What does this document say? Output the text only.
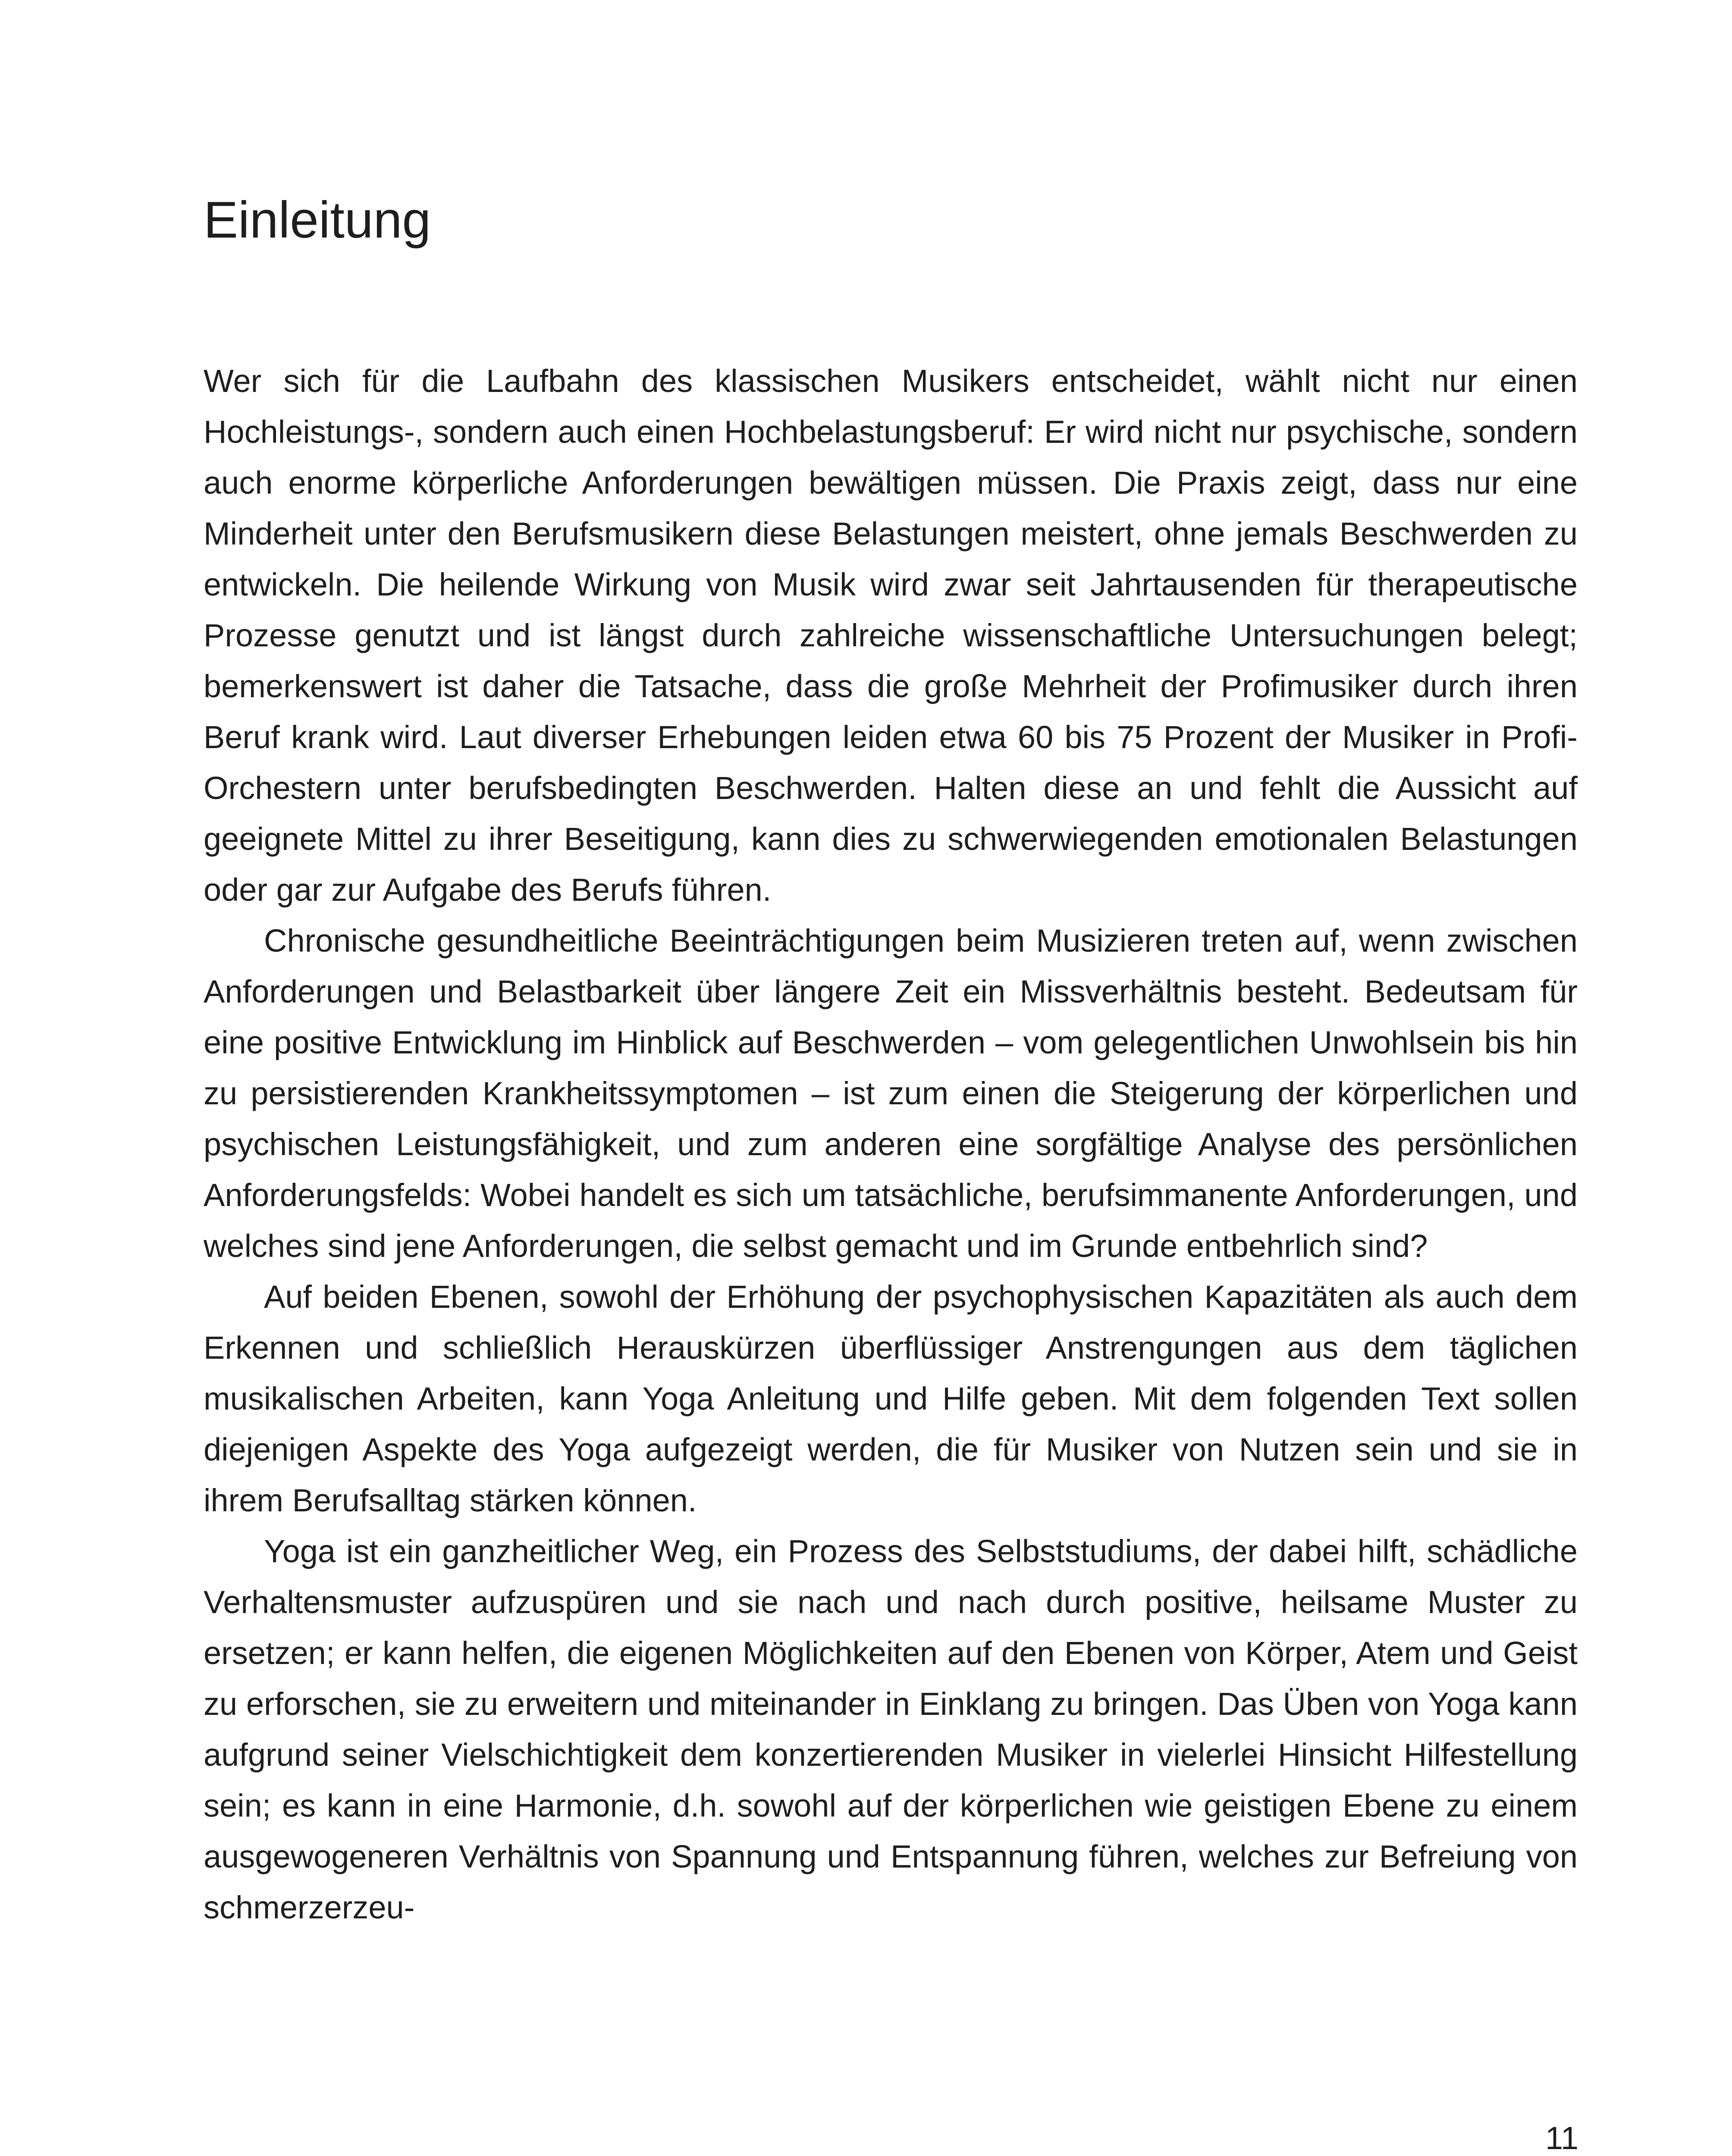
Einleitung

Wer sich für die Laufbahn des klassischen Musikers entscheidet, wählt nicht nur einen Hochleistungs-, sondern auch einen Hochbelastungsberuf: Er wird nicht nur psychische, sondern auch enorme körperliche Anforderungen bewältigen müssen. Die Praxis zeigt, dass nur eine Minderheit unter den Berufsmusikern diese Belastungen meistert, ohne jemals Beschwerden zu entwickeln. Die heilende Wirkung von Musik wird zwar seit Jahrtausenden für therapeutische Prozesse genutzt und ist längst durch zahlreiche wissenschaftliche Untersuchungen belegt; bemerkenswert ist daher die Tatsache, dass die große Mehrheit der Profimusiker durch ihren Beruf krank wird. Laut diverser Erhebungen leiden etwa 60 bis 75 Prozent der Musiker in Profi-Orchestern unter berufsbedingten Beschwerden. Halten diese an und fehlt die Aussicht auf geeignete Mittel zu ihrer Beseitigung, kann dies zu schwerwiegenden emotionalen Belastungen oder gar zur Aufgabe des Berufs führen.

Chronische gesundheitliche Beeinträchtigungen beim Musizieren treten auf, wenn zwischen Anforderungen und Belastbarkeit über längere Zeit ein Missverhältnis besteht. Bedeutsam für eine positive Entwicklung im Hinblick auf Beschwerden – vom gelegentlichen Unwohlsein bis hin zu persistierenden Krankheitssymptomen – ist zum einen die Steigerung der körperlichen und psychischen Leistungsfähigkeit, und zum anderen eine sorgfältige Analyse des persönlichen Anforderungsfelds: Wobei handelt es sich um tatsächliche, berufsimmanente Anforderungen, und welches sind jene Anforderungen, die selbst gemacht und im Grunde entbehrlich sind?

Auf beiden Ebenen, sowohl der Erhöhung der psychophysischen Kapazitäten als auch dem Erkennen und schließlich Herauskürzen überflüssiger Anstrengungen aus dem täglichen musikalischen Arbeiten, kann Yoga Anleitung und Hilfe geben. Mit dem folgenden Text sollen diejenigen Aspekte des Yoga aufgezeigt werden, die für Musiker von Nutzen sein und sie in ihrem Berufsalltag stärken können.

Yoga ist ein ganzheitlicher Weg, ein Prozess des Selbststudiums, der dabei hilft, schädliche Verhaltensmuster aufzuspüren und sie nach und nach durch positive, heilsame Muster zu ersetzen; er kann helfen, die eigenen Möglichkeiten auf den Ebenen von Körper, Atem und Geist zu erforschen, sie zu erweitern und miteinander in Einklang zu bringen. Das Üben von Yoga kann aufgrund seiner Vielschichtigkeit dem konzertierenden Musiker in vielerlei Hinsicht Hilfestellung sein; es kann in eine Harmonie, d.h. sowohl auf der körperlichen wie geistigen Ebene zu einem ausgewogeneren Verhältnis von Spannung und Entspannung führen, welches zur Befreiung von schmerzerzeu-

11
